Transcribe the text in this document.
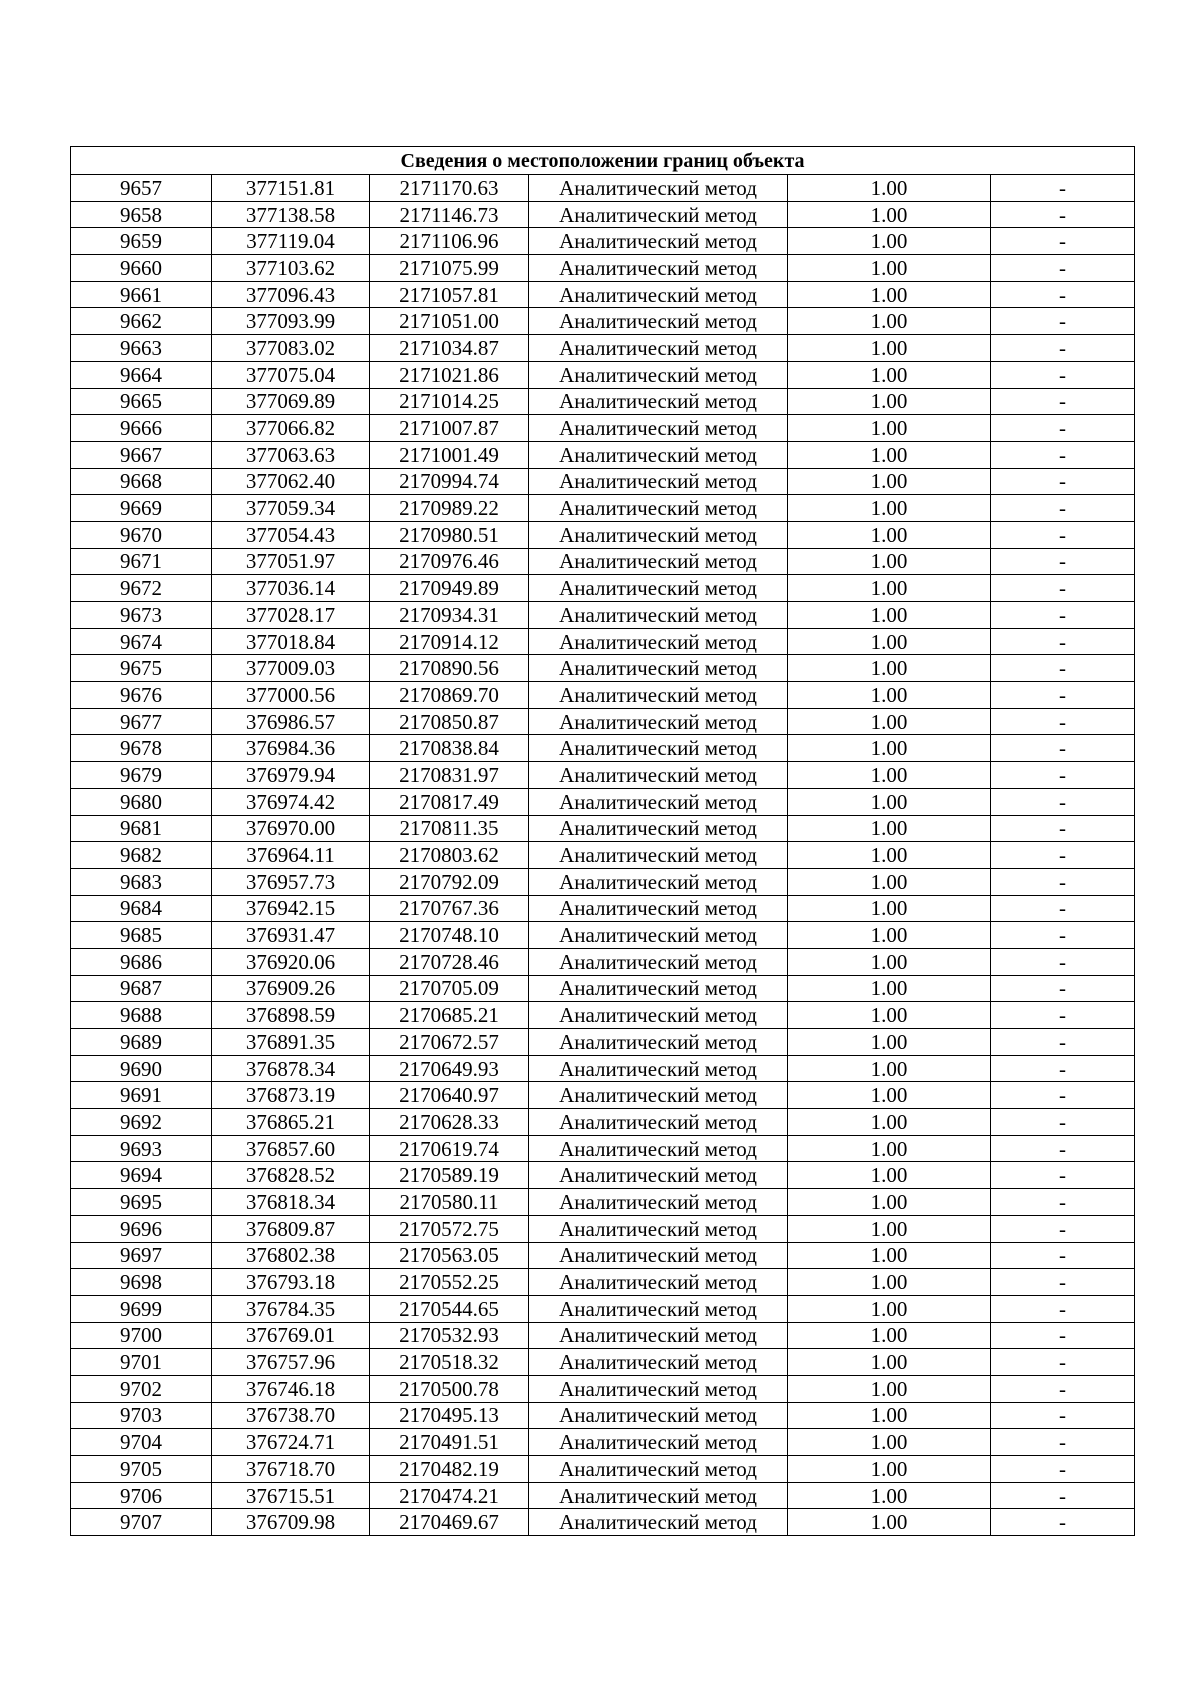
Сведения о местоположении границ объекта					
9657	377151.81	2171170.63	Аналитический метод	1.00	-
9658	377138.58	2171146.73	Аналитический метод	1.00	-
9659	377119.04	2171106.96	Аналитический метод	1.00	-
9660	377103.62	2171075.99	Аналитический метод	1.00	-
9661	377096.43	2171057.81	Аналитический метод	1.00	-
9662	377093.99	2171051.00	Аналитический метод	1.00	-
9663	377083.02	2171034.87	Аналитический метод	1.00	-
9664	377075.04	2171021.86	Аналитический метод	1.00	-
9665	377069.89	2171014.25	Аналитический метод	1.00	-
9666	377066.82	2171007.87	Аналитический метод	1.00	-
9667	377063.63	2171001.49	Аналитический метод	1.00	-
9668	377062.40	2170994.74	Аналитический метод	1.00	-
9669	377059.34	2170989.22	Аналитический метод	1.00	-
9670	377054.43	2170980.51	Аналитический метод	1.00	-
9671	377051.97	2170976.46	Аналитический метод	1.00	-
9672	377036.14	2170949.89	Аналитический метод	1.00	-
9673	377028.17	2170934.31	Аналитический метод	1.00	-
9674	377018.84	2170914.12	Аналитический метод	1.00	-
9675	377009.03	2170890.56	Аналитический метод	1.00	-
9676	377000.56	2170869.70	Аналитический метод	1.00	-
9677	376986.57	2170850.87	Аналитический метод	1.00	-
9678	376984.36	2170838.84	Аналитический метод	1.00	-
9679	376979.94	2170831.97	Аналитический метод	1.00	-
9680	376974.42	2170817.49	Аналитический метод	1.00	-
9681	376970.00	2170811.35	Аналитический метод	1.00	-
9682	376964.11	2170803.62	Аналитический метод	1.00	-
9683	376957.73	2170792.09	Аналитический метод	1.00	-
9684	376942.15	2170767.36	Аналитический метод	1.00	-
9685	376931.47	2170748.10	Аналитический метод	1.00	-
9686	376920.06	2170728.46	Аналитический метод	1.00	-
9687	376909.26	2170705.09	Аналитический метод	1.00	-
9688	376898.59	2170685.21	Аналитический метод	1.00	-
9689	376891.35	2170672.57	Аналитический метод	1.00	-
9690	376878.34	2170649.93	Аналитический метод	1.00	-
9691	376873.19	2170640.97	Аналитический метод	1.00	-
9692	376865.21	2170628.33	Аналитический метод	1.00	-
9693	376857.60	2170619.74	Аналитический метод	1.00	-
9694	376828.52	2170589.19	Аналитический метод	1.00	-
9695	376818.34	2170580.11	Аналитический метод	1.00	-
9696	376809.87	2170572.75	Аналитический метод	1.00	-
9697	376802.38	2170563.05	Аналитический метод	1.00	-
9698	376793.18	2170552.25	Аналитический метод	1.00	-
9699	376784.35	2170544.65	Аналитический метод	1.00	-
9700	376769.01	2170532.93	Аналитический метод	1.00	-
9701	376757.96	2170518.32	Аналитический метод	1.00	-
9702	376746.18	2170500.78	Аналитический метод	1.00	-
9703	376738.70	2170495.13	Аналитический метод	1.00	-
9704	376724.71	2170491.51	Аналитический метод	1.00	-
9705	376718.70	2170482.19	Аналитический метод	1.00	-
9706	376715.51	2170474.21	Аналитический метод	1.00	-
9707	376709.98	2170469.67	Аналитический метод	1.00	-
